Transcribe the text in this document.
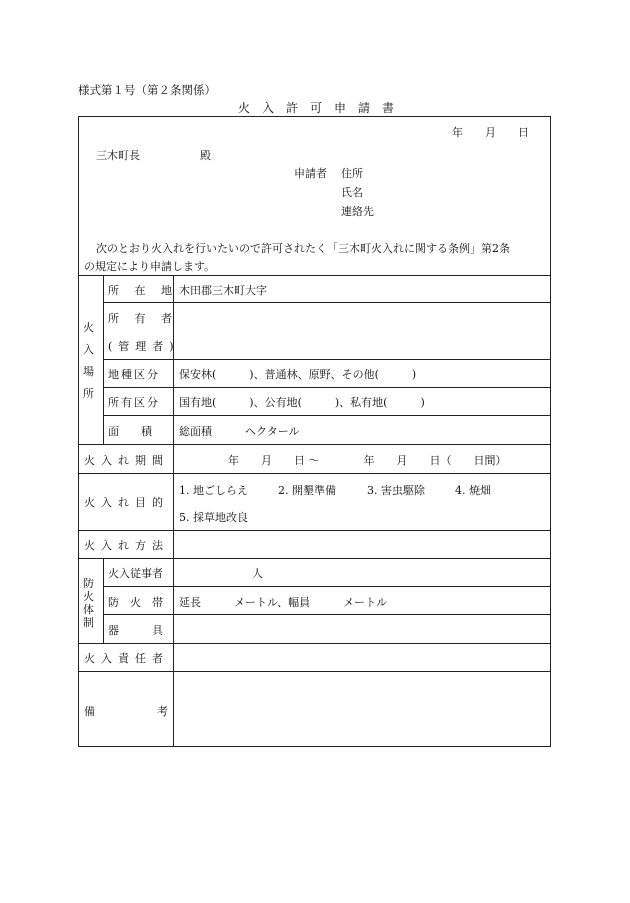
様式第１号（第２条関係）
火　入　許　可　申　請　書
年　　月　　日
三木町長	殿
申請者 住所
氏名
連絡先
次のとおり火入れを行いたいので許可されたく「三木町火入れに関する条例」第2条
の規定により申請します。
火
入
場
所
所 在 地 木田郡三木町大字
所 有 者
(管理者)
地種区分 保安林(　　　)、普通林、原野、その他(　　　)
所有区分 国有地(　　　)、公有地(　　　)、私有地(　　　)
面　　積 総面積　　　ヘクタール
火入れ期間	年　　月　　日 〜　　　　年　　月　　日（　　日間）
火入れ目的
1. 地ごしらえ	2. 開墾準備	3. 害虫駆除	4. 焼畑
5. 採草地改良
火入れ方法
防
火
体
制
火入従事者	人
防　火　帯 延長　　　メートル、幅員　　　メートル
器　　　具
火入責任者
備	考
